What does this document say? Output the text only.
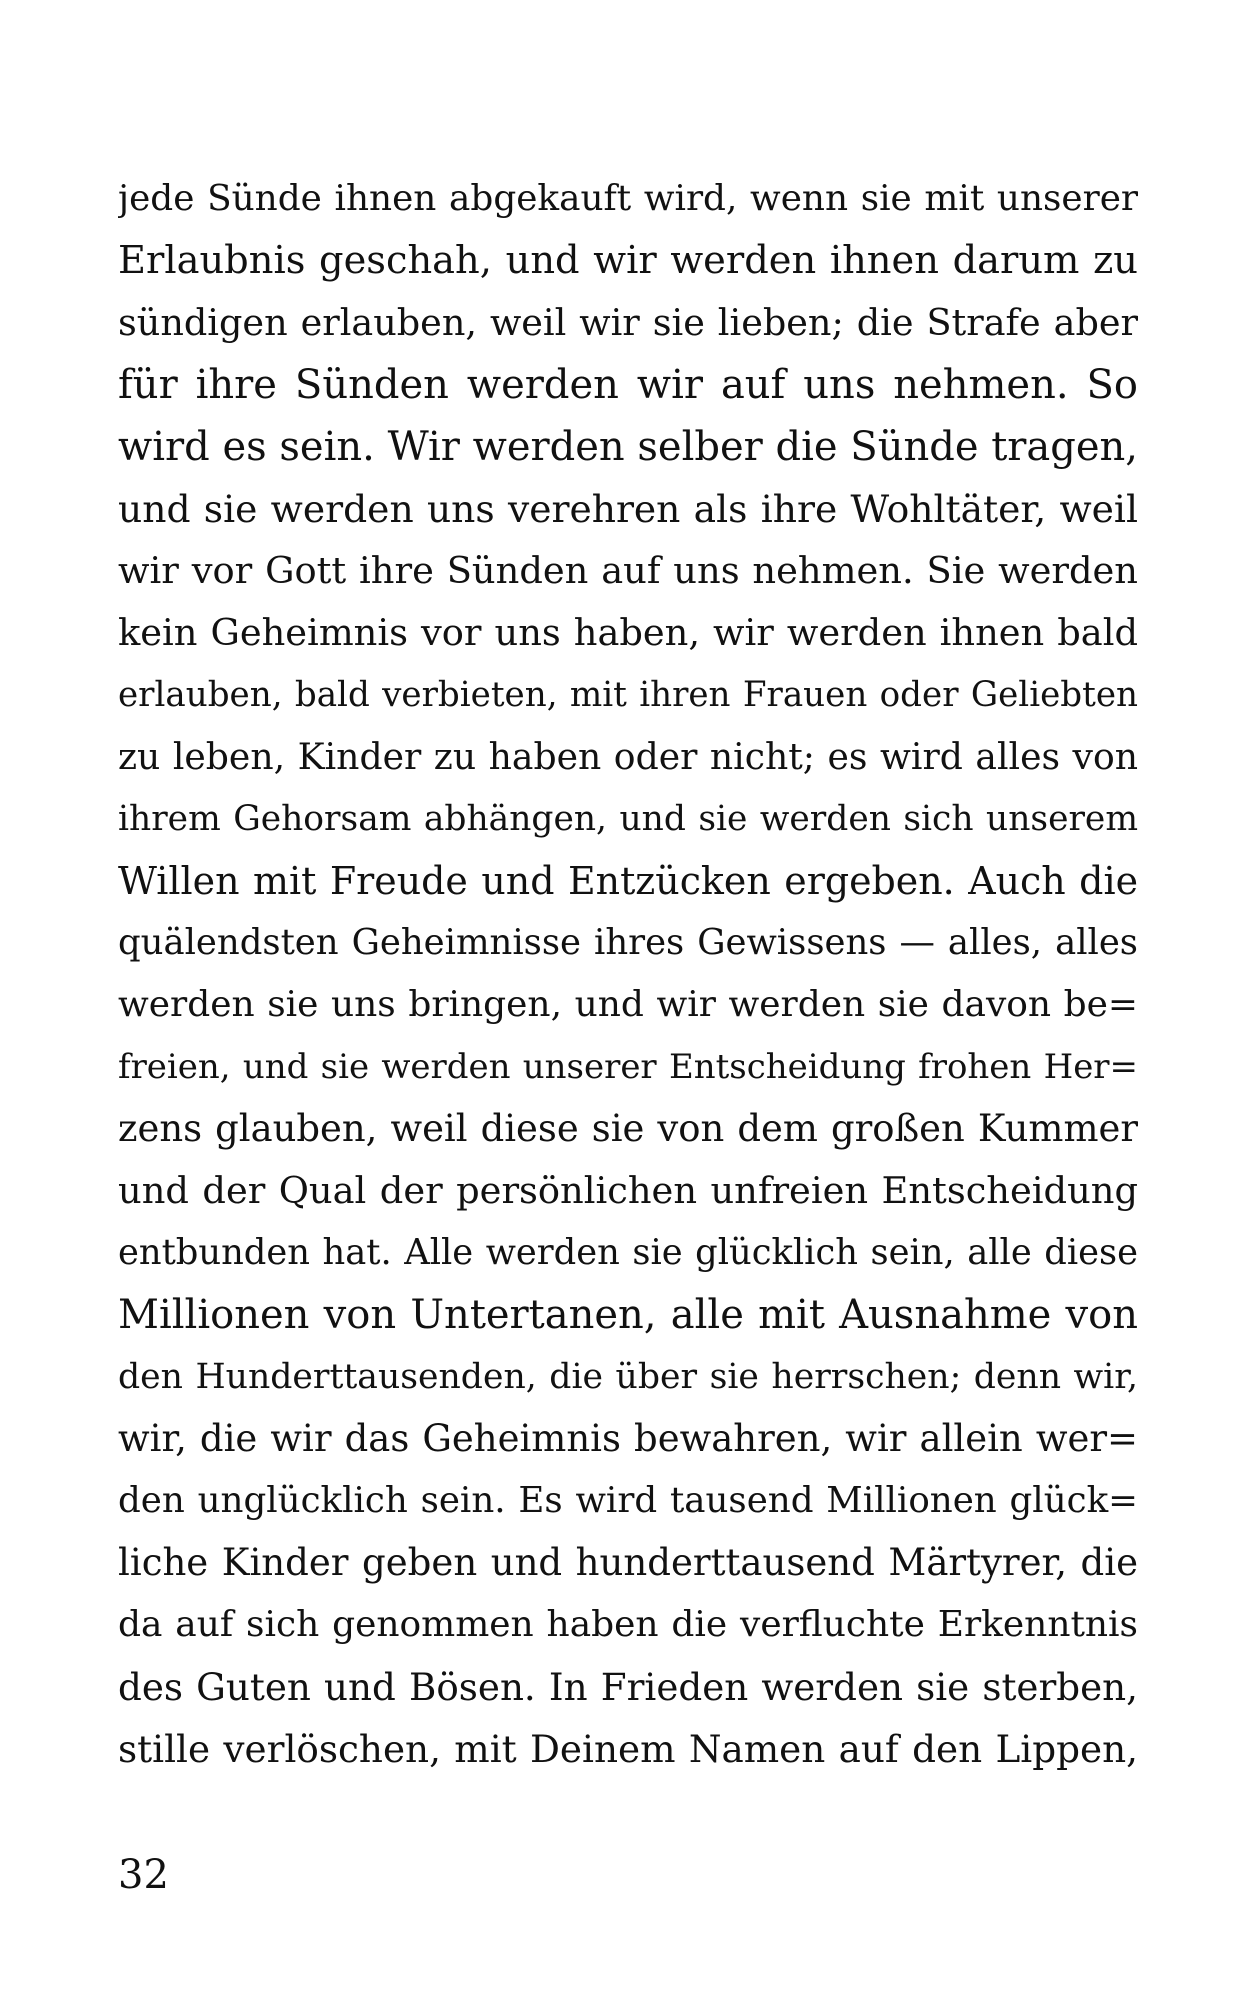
jede Sünde ihnen abgekauft wird, wenn sie mit unserer
Erlaubnis geschah, und wir werden ihnen darum zu
sündigen erlauben, weil wir sie lieben; die Strafe aber
für ihre Sünden werden wir auf uns nehmen. So
wird es sein. Wir werden selber die Sünde tragen,
und sie werden uns verehren als ihre Wohltäter, weil
wir vor Gott ihre Sünden auf uns nehmen. Sie werden
kein Geheimnis vor uns haben, wir werden ihnen bald
erlauben, bald verbieten, mit ihren Frauen oder Geliebten
zu leben, Kinder zu haben oder nicht; es wird alles von
ihrem Gehorsam abhängen, und sie werden sich unserem
Willen mit Freude und Entzücken ergeben. Auch die
quälendsten Geheimnisse ihres Gewissens — alles, alles
werden sie uns bringen, und wir werden sie davon be=
freien, und sie werden unserer Entscheidung frohen Her=
zens glauben, weil diese sie von dem großen Kummer
und der Qual der persönlichen unfreien Entscheidung
entbunden hat. Alle werden sie glücklich sein, alle diese
Millionen von Untertanen, alle mit Ausnahme von
den Hunderttausenden, die über sie herrschen; denn wir,
wir, die wir das Geheimnis bewahren, wir allein wer=
den unglücklich sein. Es wird tausend Millionen glück=
liche Kinder geben und hunderttausend Märtyrer, die
da auf sich genommen haben die verfluchte Erkenntnis
des Guten und Bösen. In Frieden werden sie sterben,
stille verlöschen, mit Deinem Namen auf den Lippen,
32
